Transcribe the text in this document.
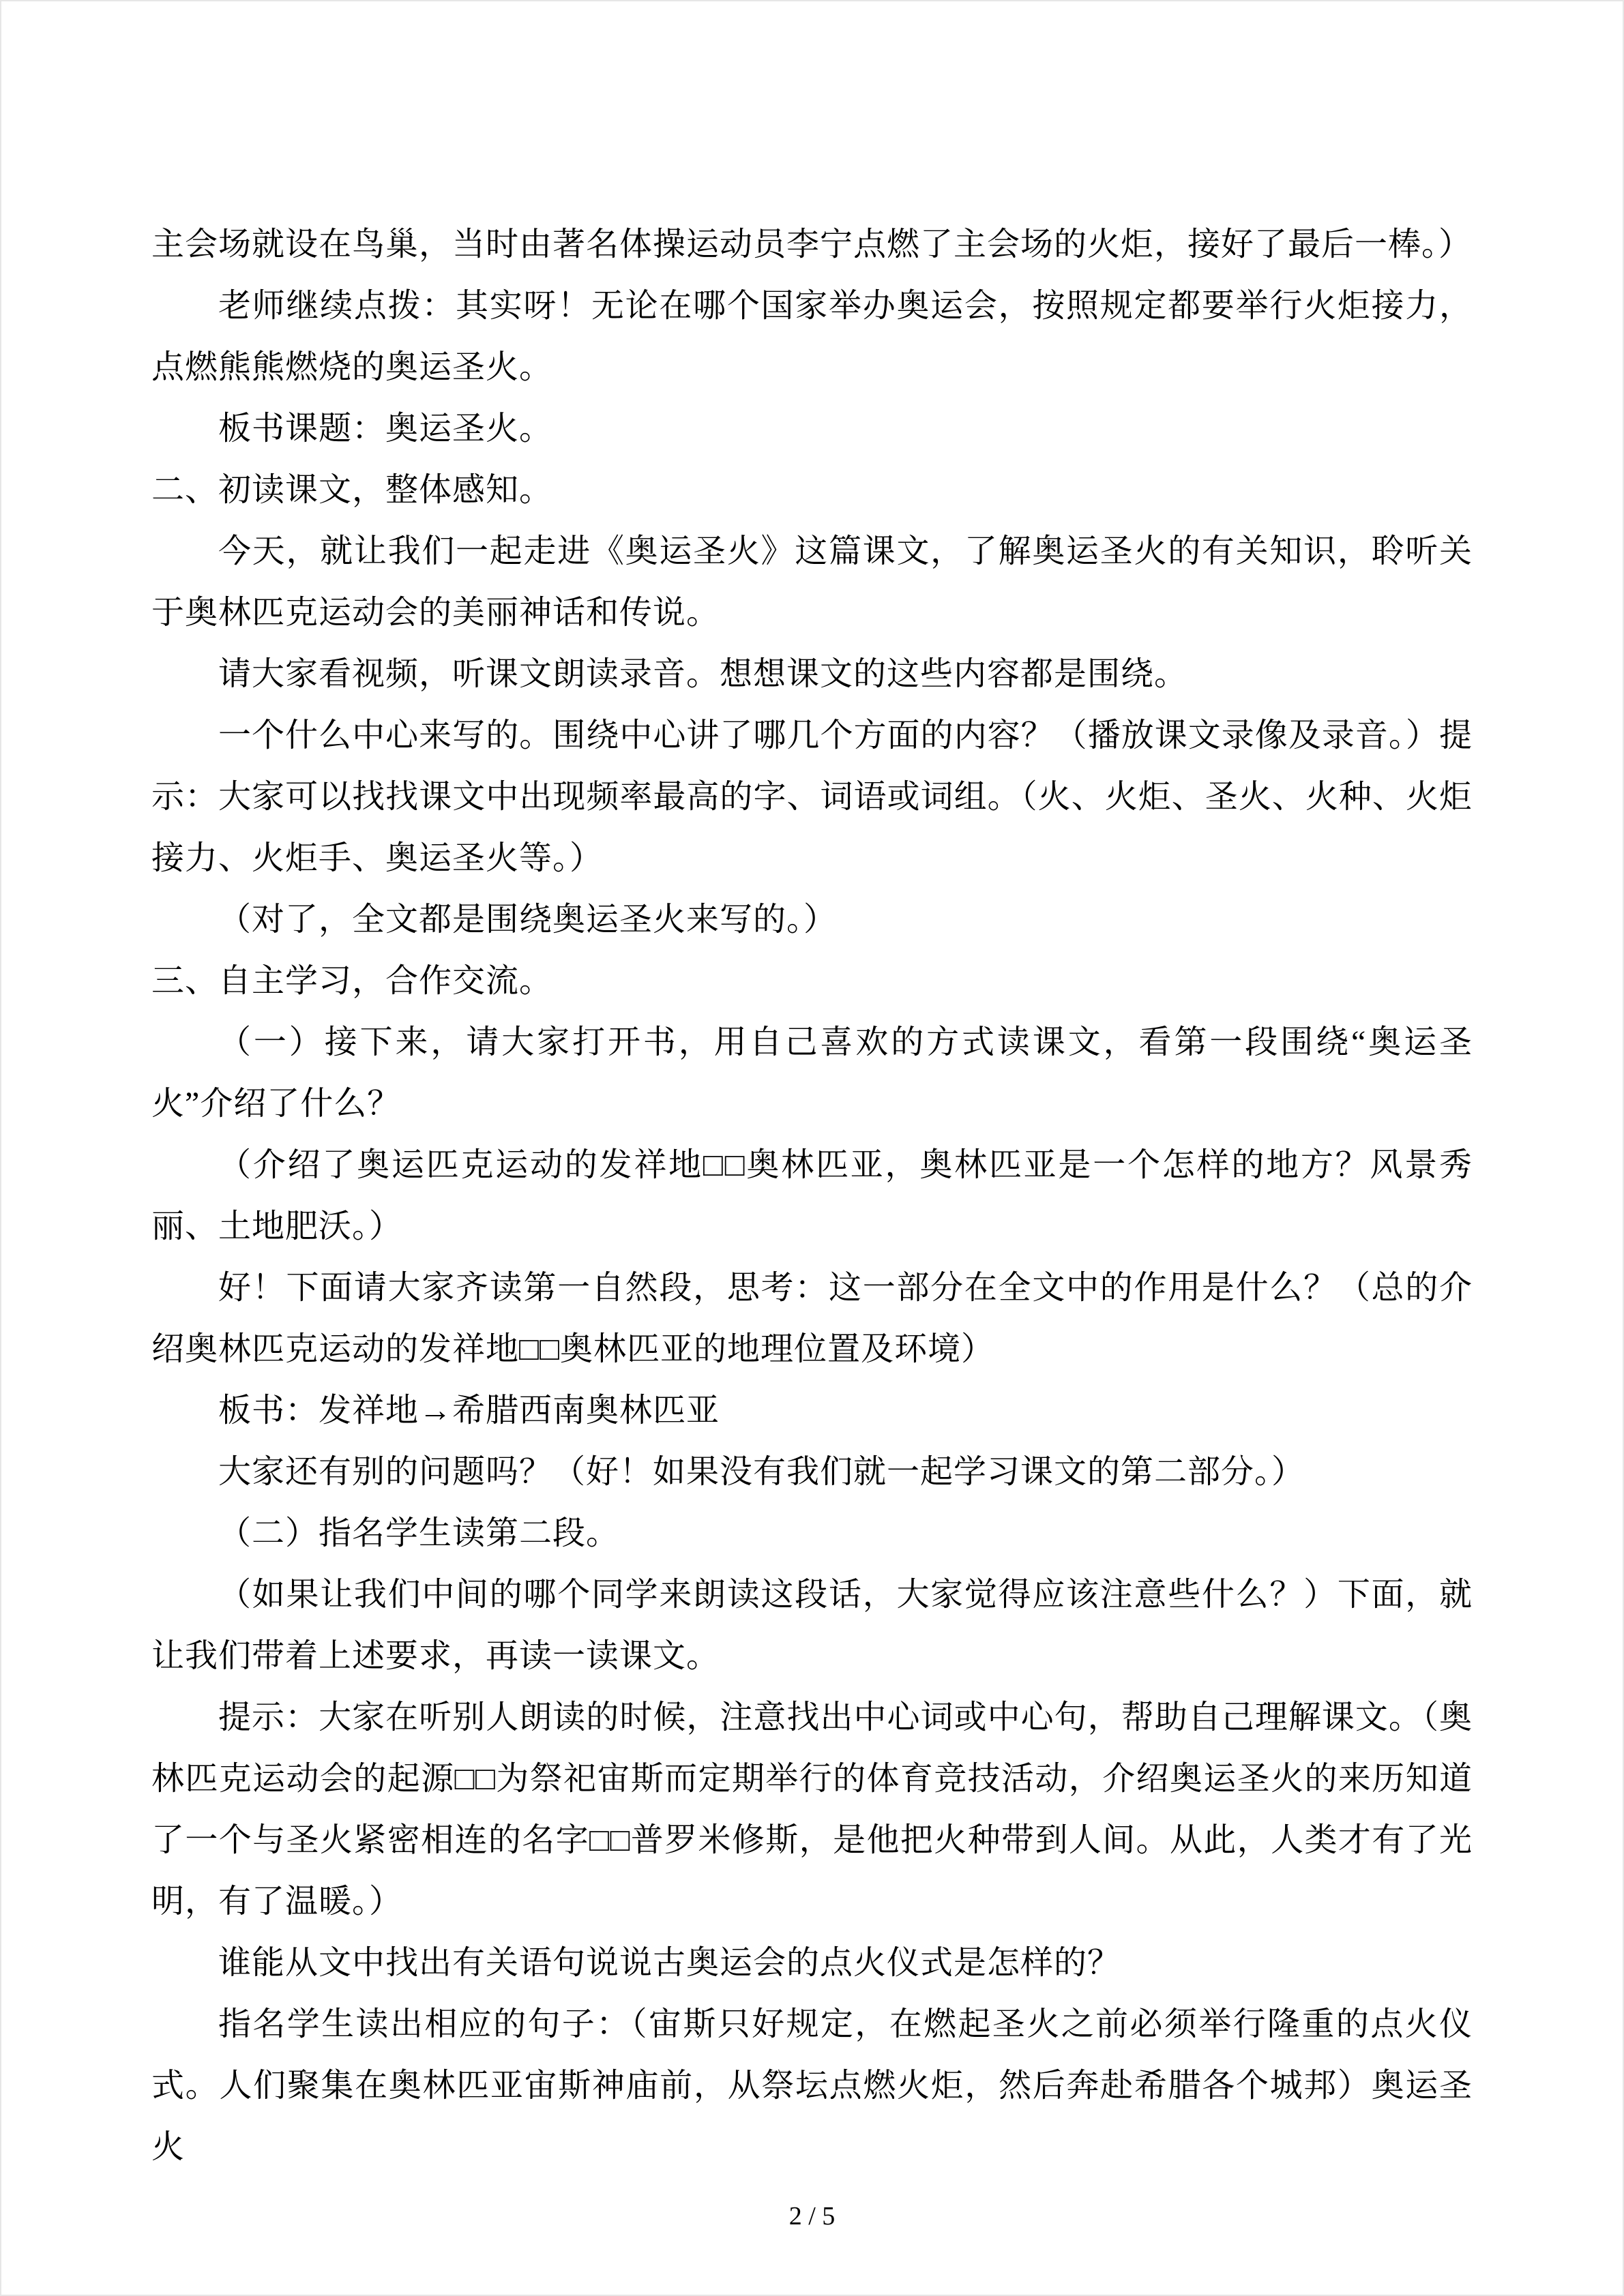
主会场就设在鸟巢，当时由著名体操运动员李宁点燃了主会场的火炬，接好了最后一棒。）

老师继续点拨：其实呀！无论在哪个国家举办奥运会，按照规定都要举行火炬接力，点燃熊熊燃烧的奥运圣火。

板书课题：奥运圣火。

二、初读课文，整体感知。

今天，就让我们一起走进《奥运圣火》这篇课文，了解奥运圣火的有关知识，聆听关于奥林匹克运动会的美丽神话和传说。

请大家看视频，听课文朗读录音。想想课文的这些内容都是围绕。

一个什么中心来写的。围绕中心讲了哪几个方面的内容？（播放课文录像及录音。）提示：大家可以找找课文中出现频率最高的字、词语或词组。（火、火炬、圣火、火种、火炬接力、火炬手、奥运圣火等。）

（对了，全文都是围绕奥运圣火来写的。）

三、自主学习，合作交流。

（一）接下来，请大家打开书，用自己喜欢的方式读课文，看第一段围绕“奥运圣火”介绍了什么？

（介绍了奥运匹克运动的发祥地□□奥林匹亚，奥林匹亚是一个怎样的地方？风景秀丽、土地肥沃。）

好！下面请大家齐读第一自然段，思考：这一部分在全文中的作用是什么？（总的介绍奥林匹克运动的发祥地□□奥林匹亚的地理位置及环境）

板书：发祥地→希腊西南奥林匹亚

大家还有别的问题吗？（好！如果没有我们就一起学习课文的第二部分。）

（二）指名学生读第二段。

（如果让我们中间的哪个同学来朗读这段话，大家觉得应该注意些什么？）下面，就让我们带着上述要求，再读一读课文。

提示：大家在听别人朗读的时候，注意找出中心词或中心句，帮助自己理解课文。（奥林匹克运动会的起源□□为祭祀宙斯而定期举行的体育竞技活动，介绍奥运圣火的来历知道了一个与圣火紧密相连的名字□□普罗米修斯，是他把火种带到人间。从此，人类才有了光明，有了温暖。）

谁能从文中找出有关语句说说古奥运会的点火仪式是怎样的？

指名学生读出相应的句子：（宙斯只好规定，在燃起圣火之前必须举行隆重的点火仪式。人们聚集在奥林匹亚宙斯神庙前，从祭坛点燃火炬，然后奔赴希腊各个城邦）奥运圣火

2 / 5
